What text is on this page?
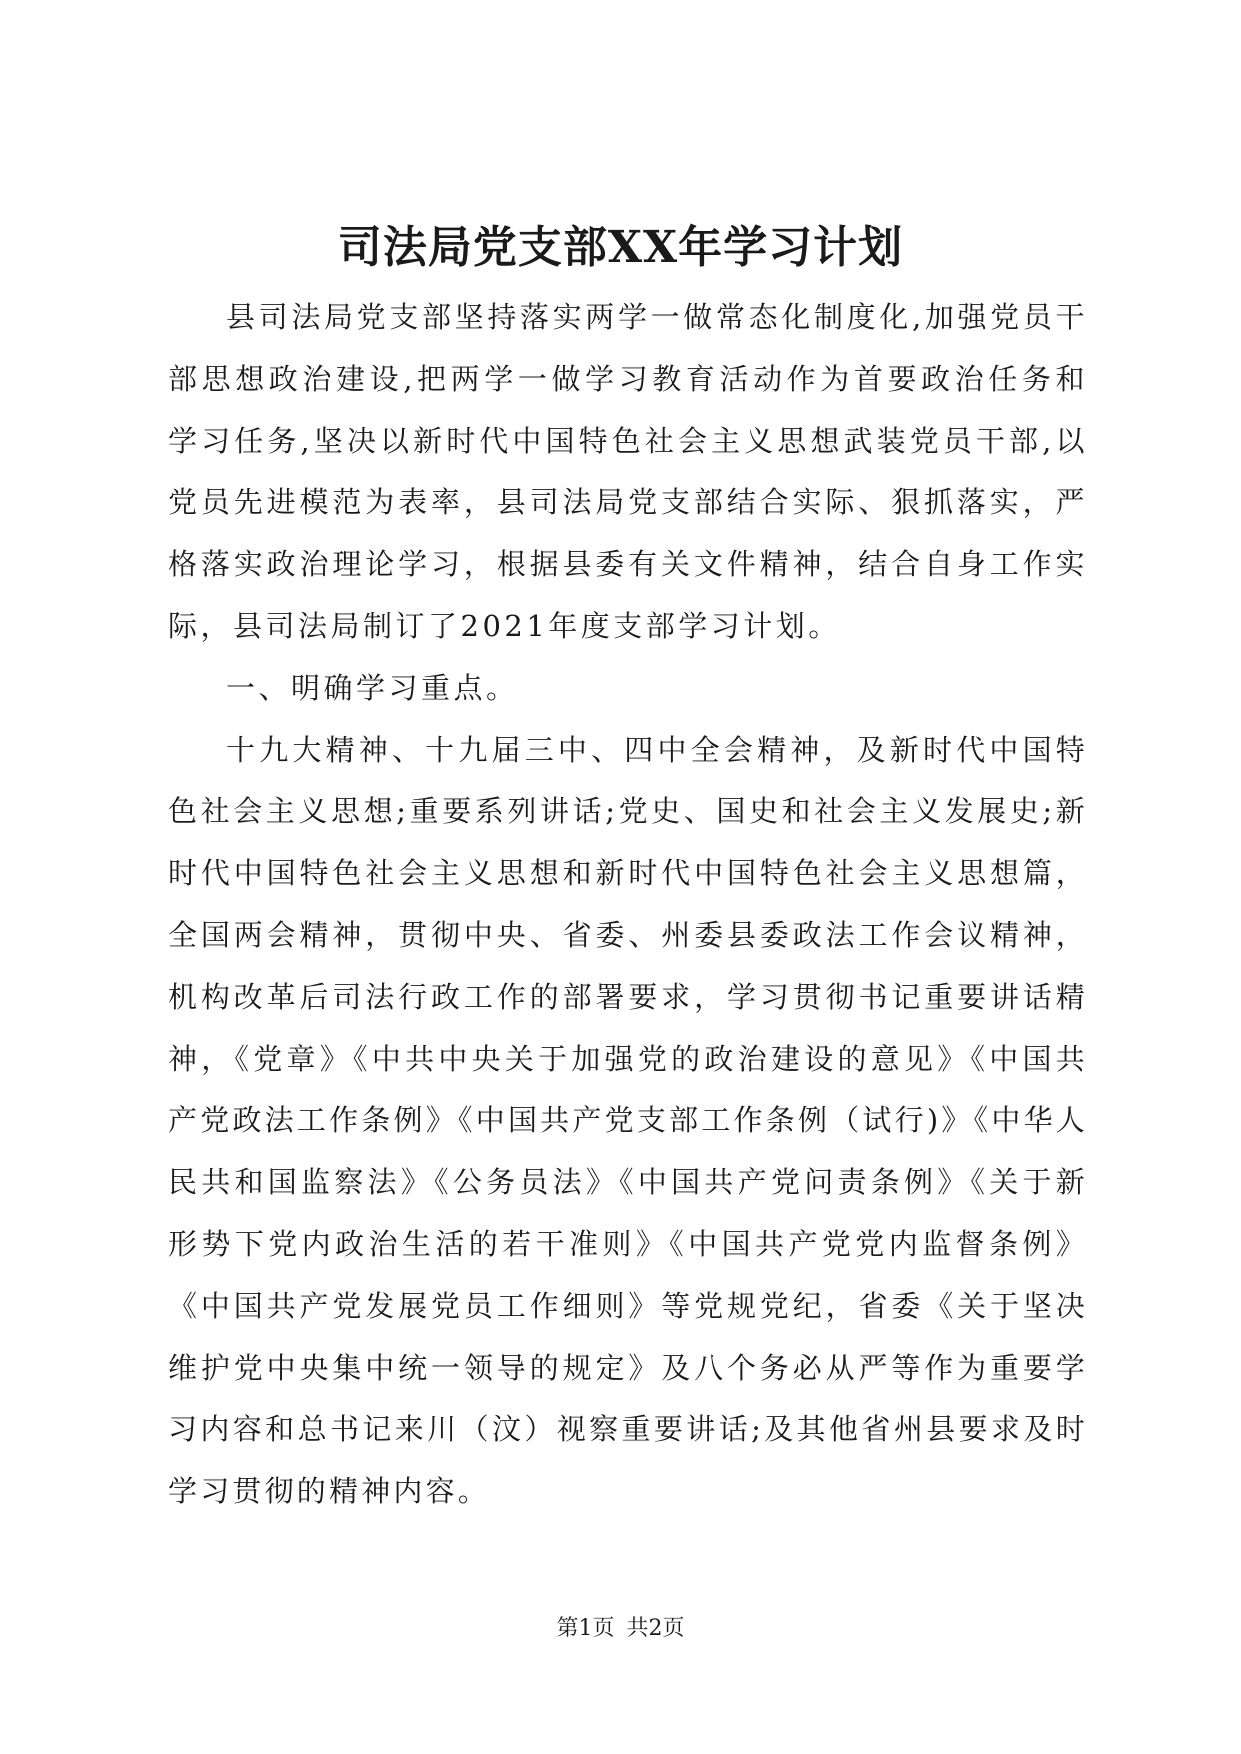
司法局党支部XX年学习计划

县司法局党支部坚持落实两学一做常态化制度化,加强党员干部思想政治建设,把两学一做学习教育活动作为首要政治任务和学习任务,坚决以新时代中国特色社会主义思想武装党员干部,以党员先进模范为表率，县司法局党支部结合实际、狠抓落实，严格落实政治理论学习，根据县委有关文件精神，结合自身工作实际，县司法局制订了2021年度支部学习计划。

一、明确学习重点。

十九大精神、十九届三中、四中全会精神，及新时代中国特色社会主义思想;重要系列讲话;党史、国史和社会主义发展史;新时代中国特色社会主义思想和新时代中国特色社会主义思想篇，全国两会精神，贯彻中央、省委、州委县委政法工作会议精神，机构改革后司法行政工作的部署要求，学习贯彻书记重要讲话精神，《党章》《中共中央关于加强党的政治建设的意见》《中国共产党政法工作条例》《中国共产党支部工作条例（试行)》《中华人民共和国监察法》《公务员法》《中国共产党问责条例》《关于新形势下党内政治生活的若干准则》《中国共产党党内监督条例》《中国共产党发展党员工作细则》等党规党纪，省委《关于坚决维护党中央集中统一领导的规定》及八个务必从严等作为重要学习内容和总书记来川（汶）视察重要讲话;及其他省州县要求及时学习贯彻的精神内容。

第1页 共2页
